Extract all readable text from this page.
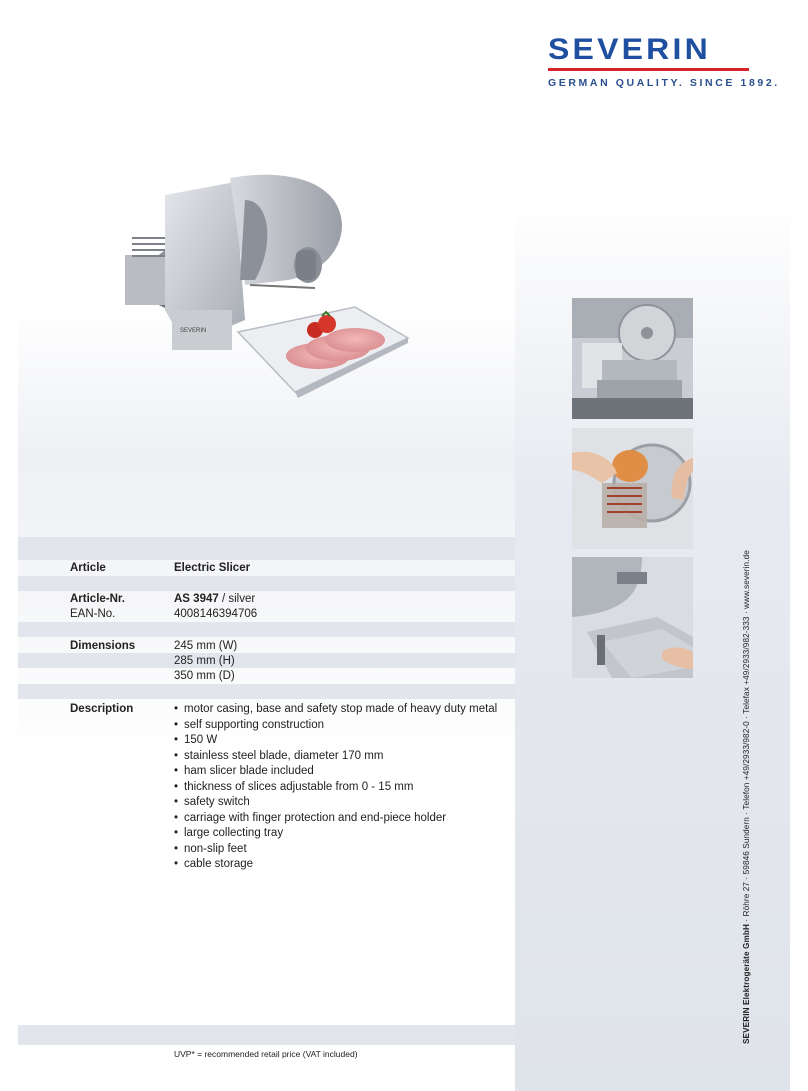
SEVERIN
GERMAN QUALITY. SINCE 1892.
SEVERIN
Article	Electric Slicer
Article-Nr.	AS 3947 / silver
EAN-No.	4008146394706
Dimensions	245 mm (W)
285 mm (H)
350 mm (D)
Description
•	motor casing, base and safety stop made of heavy duty metal
• self supporting construction
• 150 W
• stainless steel blade, diameter 170 mm
• ham slicer blade included
• thickness of slices adjustable from 0 - 15 mm
• safety switch
• carriage with finger protection and end-piece holder
• large collecting tray
• non-slip feet
• cable storage
UVP* = recommended retail price (VAT included)
SEVERIN Elektrogeräte GmbH · Röhre 27 · 59846 Sundern · Telefon +49/2933/982-0 · Telefax +49/2933/982-333 · www.severin.de
